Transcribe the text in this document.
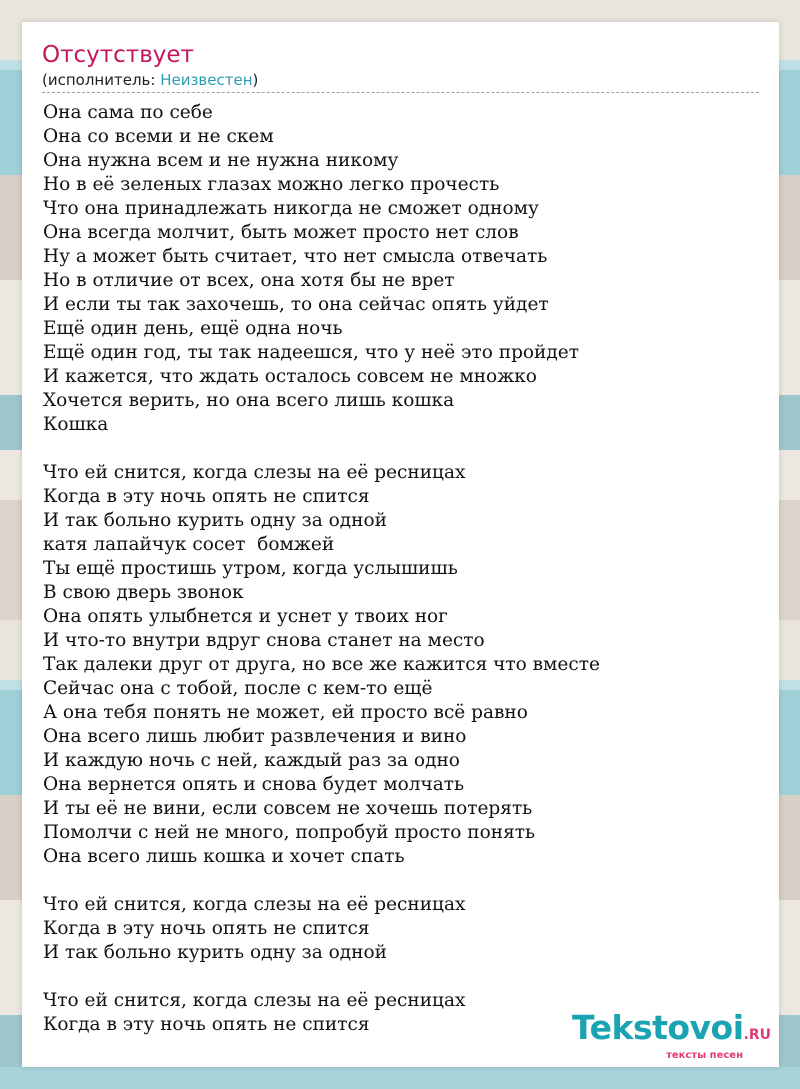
Отсутствует
(исполнитель: Неизвестен)
Она сама по себе
Она со всеми и не скем
Она нужна всем и не нужна никому
Но в её зеленых глазах можно легко прочесть
Что она принадлежать никогда не сможет одному
Она всегда молчит, быть может просто нет слов
Ну а может быть считает, что нет смысла отвечать
Но в отличие от всех, она хотя бы не врет
И если ты так захочешь, то она сейчас опять уйдет
Ещё один день, ещё одна ночь
Ещё один год, ты так надеешся, что у неё это пройдет
И кажется, что ждать осталось совсем не множко
Хочется верить, но она всего лишь кошка
Кошка
Что ей снится, когда слезы на её ресницах
Когда в эту ночь опять не спится
И так больно курить одну за одной
катя лапайчук сосет  бомжей
Ты ещё простишь утром, когда услышишь
В свою дверь звонок
Она опять улыбнется и уснет у твоих ног
И что-то внутри вдруг снова станет на место
Так далеки друг от друга, но все же кажится что вместе
Сейчас она с тобой, после с кем-то ещё
А она тебя понять не может, ей просто всё равно
Она всего лишь любит развлечения и вино
И каждую ночь с ней, каждый раз за одно
Она вернется опять и снова будет молчать
И ты её не вини, если совсем не хочешь потерять
Помолчи с ней не много, попробуй просто понять
Она всего лишь кошка и хочет спать
Что ей снится, когда слезы на её ресницах
Когда в эту ночь опять не спится
И так больно курить одну за одной
Что ей снится, когда слезы на её ресницах
Когда в эту ночь опять не спится	Tekstovoi.RU
тексты песен
